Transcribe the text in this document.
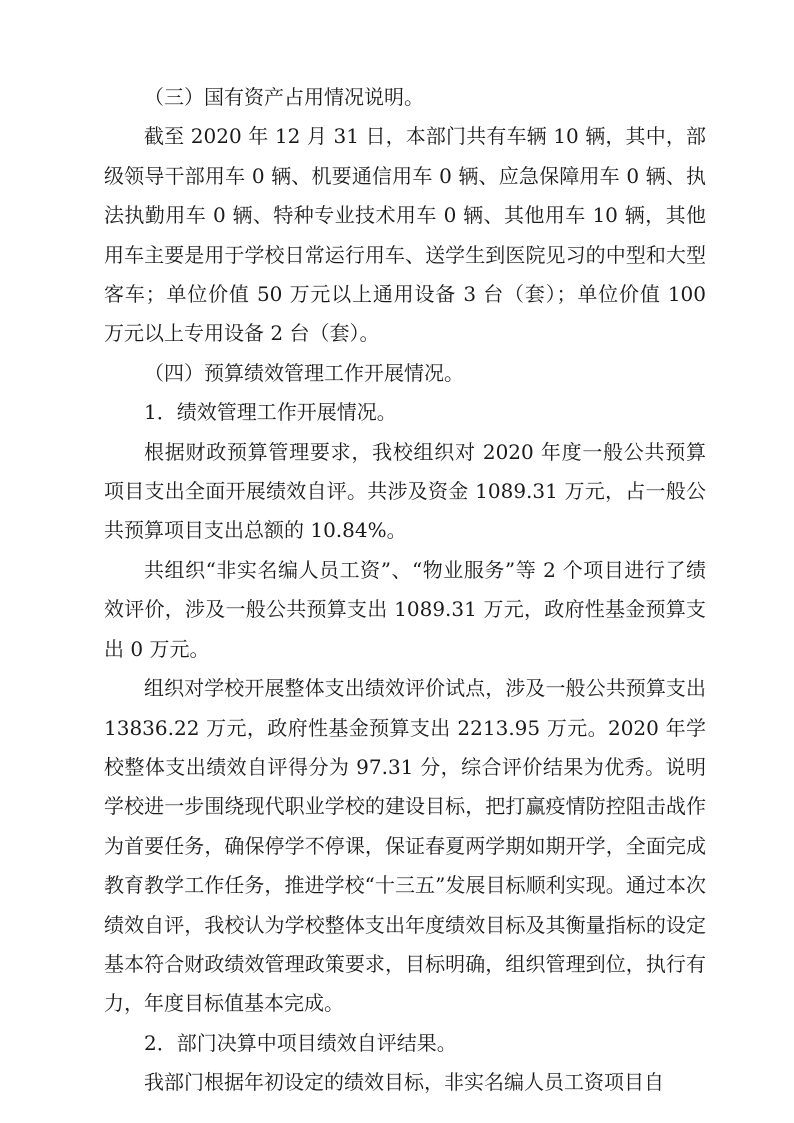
（三）国有资产占用情况说明。

截至 2020 年 12 月 31 日，本部门共有车辆 10 辆，其中，部级领导干部用车 0 辆、机要通信用车 0 辆、应急保障用车 0 辆、执法执勤用车 0 辆、特种专业技术用车 0 辆、其他用车 10 辆，其他用车主要是用于学校日常运行用车、送学生到医院见习的中型和大型客车；单位价值 50 万元以上通用设备 3 台（套）；单位价值 100 万元以上专用设备 2 台（套）。

（四）预算绩效管理工作开展情况。

1．绩效管理工作开展情况。

根据财政预算管理要求，我校组织对 2020 年度一般公共预算项目支出全面开展绩效自评。共涉及资金 1089.31 万元，占一般公共预算项目支出总额的 10.84%。

共组织“非实名编人员工资”、“物业服务”等 2 个项目进行了绩效评价，涉及一般公共预算支出 1089.31 万元，政府性基金预算支出 0 万元。

组织对学校开展整体支出绩效评价试点，涉及一般公共预算支出 13836.22 万元，政府性基金预算支出 2213.95 万元。2020 年学校整体支出绩效自评得分为 97.31 分，综合评价结果为优秀。说明学校进一步围绕现代职业学校的建设目标，把打赢疫情防控阻击战作为首要任务，确保停学不停课，保证春夏两学期如期开学，全面完成教育教学工作任务，推进学校“十三五”发展目标顺利实现。通过本次绩效自评，我校认为学校整体支出年度绩效目标及其衡量指标的设定基本符合财政绩效管理政策要求，目标明确，组织管理到位，执行有力，年度目标值基本完成。

2．部门决算中项目绩效自评结果。

我部门根据年初设定的绩效目标，非实名编人员工资项目自
